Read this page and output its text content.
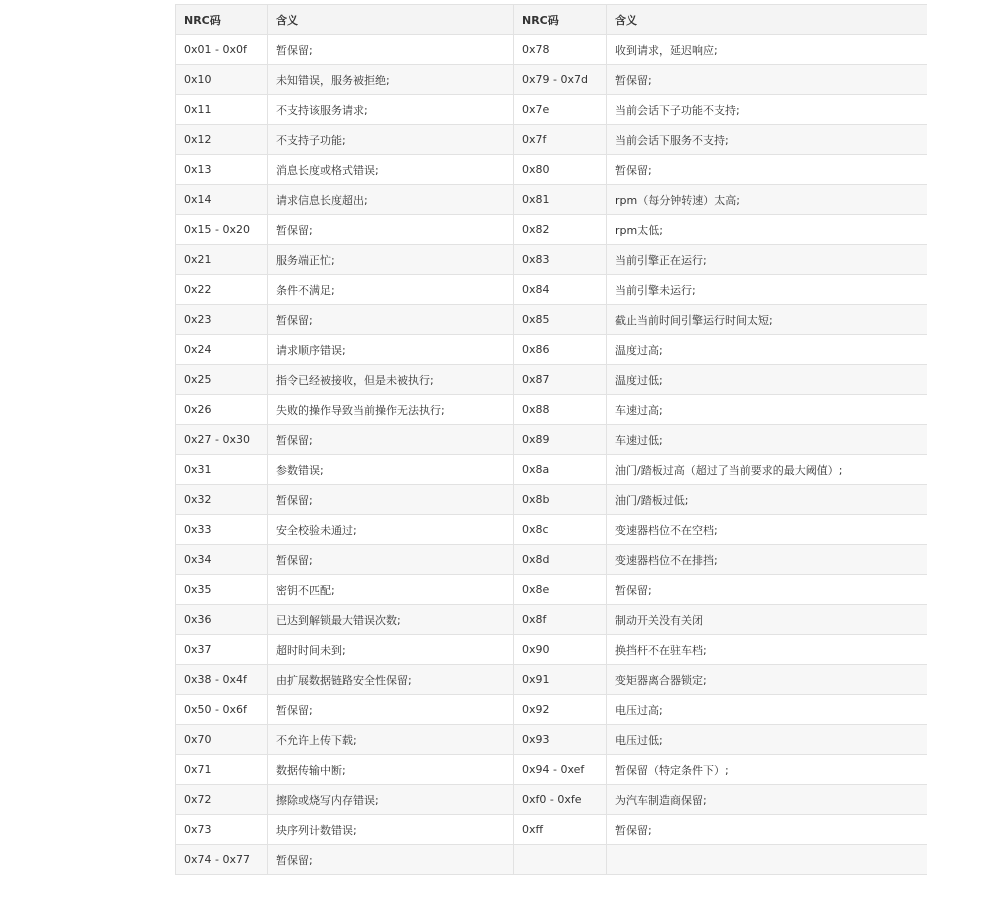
NRC码	含义	NRC码	含义
0x01 - 0x0f	暂保留;	0x78	收到请求，延迟响应;
0x10	未知错误，服务被拒绝;	0x79 - 0x7d	暂保留;
0x11	不支持该服务请求;	0x7e	当前会话下子功能不支持;
0x12	不支持子功能;	0x7f	当前会话下服务不支持;
0x13	消息长度或格式错误;	0x80	暂保留;
0x14	请求信息长度超出;	0x81	rpm（每分钟转速）太高;
0x15 - 0x20	暂保留;	0x82	rpm太低;
0x21	服务端正忙;	0x83	当前引擎正在运行;
0x22	条件不满足;	0x84	当前引擎未运行;
0x23	暂保留;	0x85	截止当前时间引擎运行时间太短;
0x24	请求顺序错误;	0x86	温度过高;
0x25	指令已经被接收，但是未被执行;	0x87	温度过低;
0x26	失败的操作导致当前操作无法执行;	0x88	车速过高;
0x27 - 0x30	暂保留;	0x89	车速过低;
0x31	参数错误;	0x8a	油门/踏板过高（超过了当前要求的最大阈值）;
0x32	暂保留;	0x8b	油门/踏板过低;
0x33	安全校验未通过;	0x8c	变速器档位不在空档;
0x34	暂保留;	0x8d	变速器档位不在排挡;
0x35	密钥不匹配;	0x8e	暂保留;
0x36	已达到解锁最大错误次数;	0x8f	制动开关没有关闭
0x37	超时时间未到;	0x90	换挡杆不在驻车档;
0x38 - 0x4f	由扩展数据链路安全性保留;	0x91	变矩器离合器锁定;
0x50 - 0x6f	暂保留;	0x92	电压过高;
0x70	不允许上传下载;	0x93	电压过低;
0x71	数据传输中断;	0x94 - 0xef	暂保留（特定条件下）;
0x72	擦除或烧写内存错误;	0xf0 - 0xfe	为汽车制造商保留;
0x73	块序列计数错误;	0xff	暂保留;
0x74 - 0x77	暂保留;		
